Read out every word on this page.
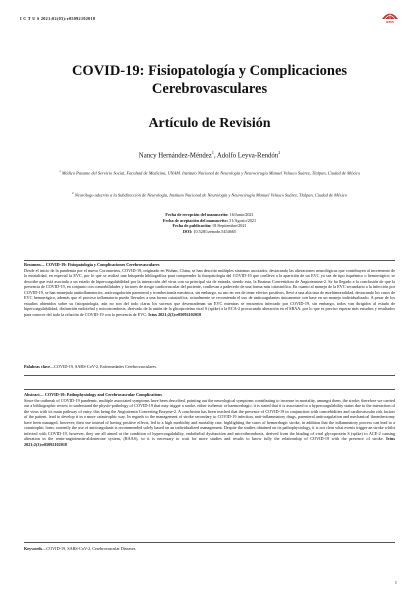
I C T U S 2021;02(03):e05092102018
ICTUS
COVID-19: Fisiopatología y Complicaciones Cerebrovasculares
Artículo de Revisión
Nancy Hernández-Méndez$^1$, Adolfo Leyva-Rendón$^2$
$^1$ Médico Pasante del Servicio Social, Facultad de Medicina, UNAM. Instituto Nacional de Neurología y Neurocirugía Manuel Velasco Suárez, Tlalpan, Ciudad de México
$^2$ Neurólogo adscrito a la Subdirección de Neurología, Instituto Nacional de Neurología y Neurocirugía Manuel Velasco Suárez, Tlalpan, Ciudad de México
Fecha de recepción del manuscrito: 16/Junio/2021
Fecha de aceptación del manuscrito: 31/Agosto/2021
Fecha de publicación: 01/Septiembre/2021
DOI: 10.5281/zenodo.5454665
Resumen— COVID-19: Fisiopatología y Complicaciones Cerebrovasculares
Desde el inicio de la pandemia por el nuevo Coronavirus, COVID-19, originado en Wuhan, China, se han descrito múltiples síntomas asociados, destacando las alteraciones neurológicas que contribuyen al incremento de la mortalidad, en especial la EVC, por lo que se realizó una búsqueda bibliográfica para comprender la fisiopatología del COVID-19 que conlleva a la aparición de un EVC ya sea de tipo isquémico o hemorrágico; se describe que está asociado a un estado de hipercoagulabilidad por la interacción del virus con su principal vía de entrada, siendo esta, la Enzima Convertidora de Angiotensina-2. Se ha llegado a la conclusión de que la presencia de COVID-19, en conjunto con comorbilidades y factores de riesgo cardiovascular del paciente, conllevan a padecerlo de una forma más catastrófica. En cuanto al manejo de la EVC secundario a la infección por COVID-19, se han manejado antiinflamatorios, anticoagulación parenteral y trombectomía mecánica, sin embargo, su uso en vez de tener efectos positivos, llevó a una alta tasa de morbimortalidad, destacando los casos de EVC hemorrágico, además que el proceso inflamatorio puede llevarlos a una forma catastrófica; actualmente se recomienda el uso de anticoagulantes únicamente con base en un manejo individualizado. A pesar de los estudios obtenidos sobre su fisiopatología, aún no son del todo claras los sucesos que desencadenan un EVC mientras se encuentra infectado por COVID-19, sin embargo, todos van dirigidos al estado de hipercoagulabilidad, disfunción endotelial y microtrombosis, derivado de la unión de la glicoproteína viral S (spike) a la ECA-2 provocando alteración en el SRAA, por lo que es preciso esperar más estudios y resultados para conocer del todo la relación de COVID-19 con la presencia de EVC. Ictus 2021;2(3):e05092102018
Palabras clave—COVID-19, SARS-CoV-2, Enfermedades Cerebrovasculares.
Abstract— COVID-19: Pathophysiology and Cerebrovascular Complications
Since the outbreak of COVID-19 pandemic, multiple associated symptoms have been described, pointing out the neurological symptoms contributing to increase in mortality, amongst them, the stroke; therefore we carried out a bibliographic review to understand the physio-pathology of COVID-19 that may trigger a stroke, either ischemic or haemorrhagic; it is stated that it is associated to a hypercoagulability status due to the interaction of the virus with its main pathway of entry, this being the Angiotensin Converting Enzyme-2. A conclusion has been reached that the presence of COVID-19 in conjunction with comorbidities and cardiovascular risk factors of the patient, lead to develop it in a more catastrophic way. In regards to the management of stroke secondary to COVID-19 infection, anti-inflammatory drugs, parenteral anticoagulation and mechanical thrombectomy have been managed, however, their use instead of having positive effects, led to a high morbidity and mortality rate, highlighting the cases of hemorrhagic stroke, in addition that the inflammatory process can lead to a catastrophic form; currently the use of anticoagulants is recommended solely based on an individualized management. Despite the studies obtained on its pathophysiology, it is not clear what events trigger an stroke whilst infected with COVID-19, however, they are all aimed at the condition of hypercoagulability, endothelial dysfunction and microthrombosis, derived from the binding of viral glycoprotein S (spike) to ACE-2 causing alteration in the renin-angiotensin-aldosterone system, (RAAS), so it is necessary to wait for more studies and results to know fully the relationship of COVID-19 with the presence of stroke. Ictus 2021;2(3):e05092102018
Keywords—COVID-19, SARS-CoV-2, Cerebrovascular Diseases.
1
